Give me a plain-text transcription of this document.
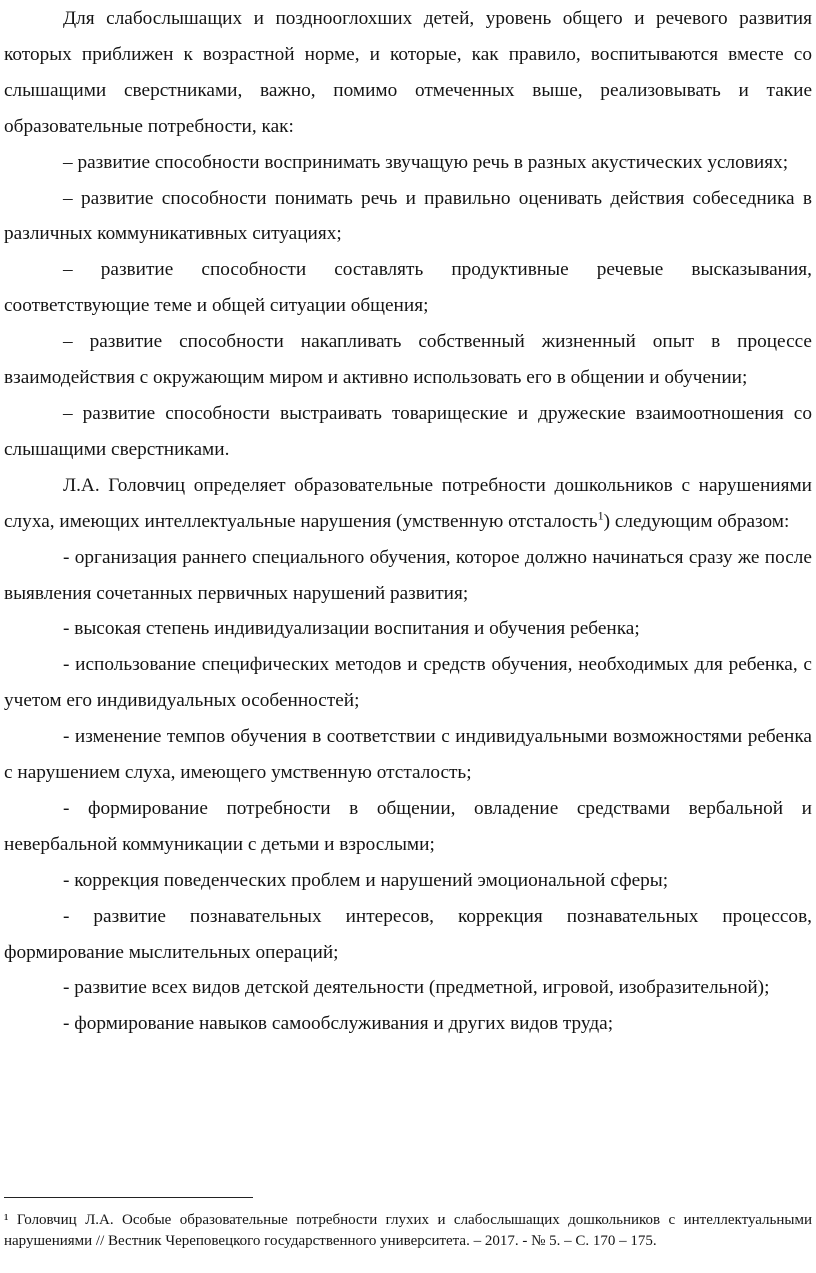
Для слабослышащих и позднооглохших детей, уровень общего и речевого развития которых приближен к возрастной норме, и которые, как правило, воспитываются вместе со слышащими сверстниками, важно, помимо отмеченных выше, реализовывать и такие образовательные потребности, как:

– развитие способности воспринимать звучащую речь в разных акустических условиях;

– развитие способности понимать речь и правильно оценивать действия собеседника в различных коммуникативных ситуациях;

– развитие способности составлять продуктивные речевые высказывания, соответствующие теме и общей ситуации общения;

– развитие способности накапливать собственный жизненный опыт в процессе взаимодействия с окружающим миром и активно использовать его в общении и обучении;

– развитие способности выстраивать товарищеские и дружеские взаимоотношения со слышащими сверстниками.

Л.А. Головчиц определяет образовательные потребности дошкольников с нарушениями слуха, имеющих интеллектуальные нарушения (умственную отсталость$^1$) следующим образом:

- организация раннего специального обучения, которое должно начинаться сразу же после выявления сочетанных первичных нарушений развития;

- высокая степень индивидуализации воспитания и обучения ребенка;

- использование специфических методов и средств обучения, необходимых для ребенка, с учетом его индивидуальных особенностей;

- изменение темпов обучения в соответствии с индивидуальными возможностями ребенка с нарушением слуха, имеющего умственную отсталость;

- формирование потребности в общении, овладение средствами вербальной и невербальной коммуникации с детьми и взрослыми;

- коррекция поведенческих проблем и нарушений эмоциональной сферы;

- развитие познавательных интересов, коррекция познавательных процессов, формирование мыслительных операций;

- развитие всех видов детской деятельности (предметной, игровой, изобразительной);

- формирование навыков самообслуживания и других видов труда;

¹ Головчиц Л.А. Особые образовательные потребности глухих и слабослышащих дошкольников с интеллектуальными нарушениями // Вестник Череповецкого государственного университета. – 2017. - № 5. – С. 170 – 175.
